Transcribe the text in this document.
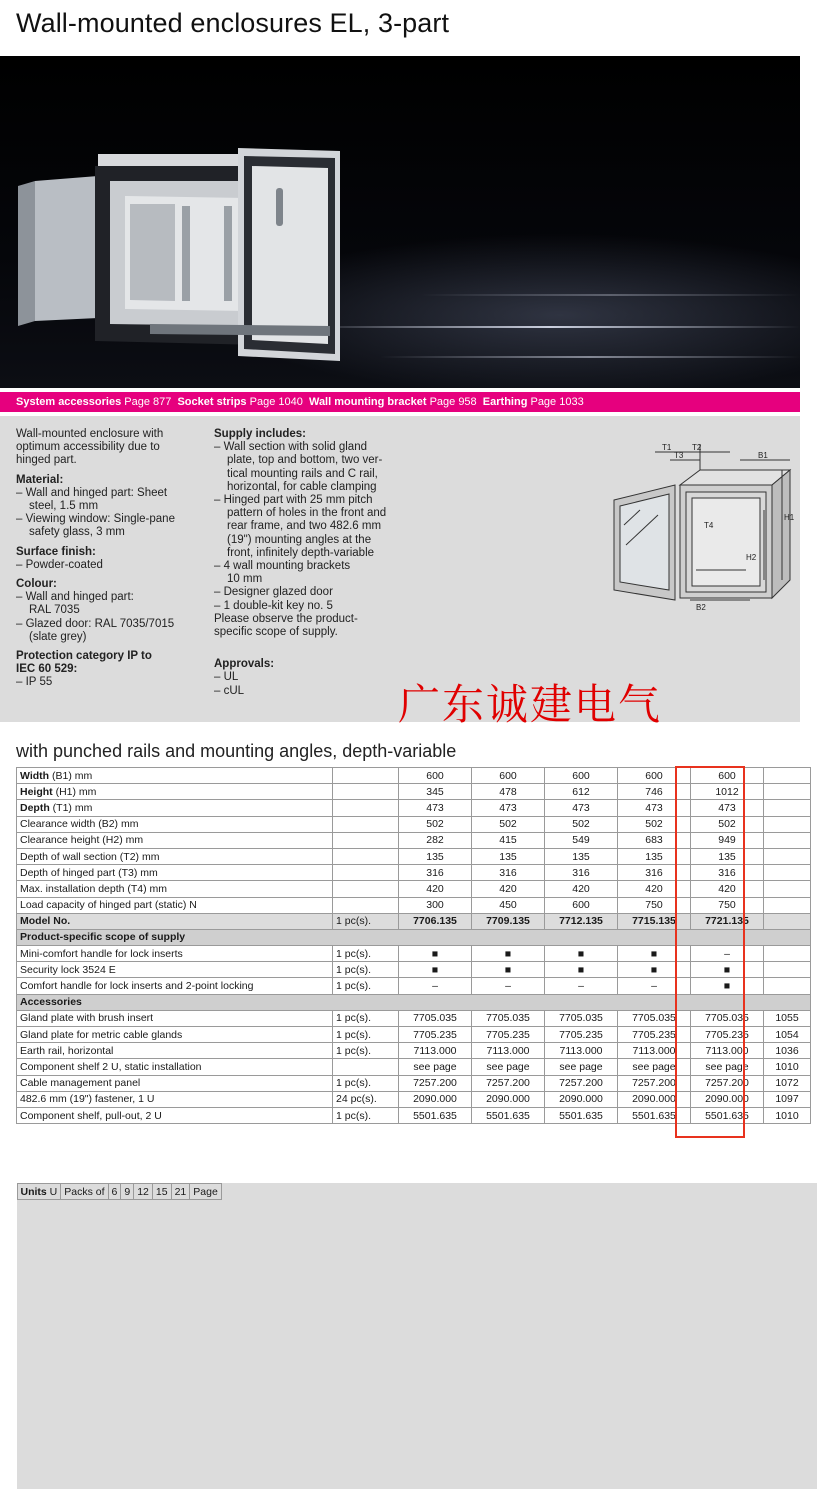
Wall-mounted enclosures EL, 3-part
System accessories Page 877 Socket strips Page 1040 Wall mounting bracket Page 958 Earthing Page 1033
Wall-mounted enclosure with
optimum accessibility due to
hinged part.
Material:
– Wall and hinged part: Sheet
steel, 1.5 mm
– Viewing window: Single-pane
safety glass, 3 mm
Surface finish:
– Powder-coated
Colour:
– Wall and hinged part:
RAL 7035
– Glazed door: RAL 7035/7015
(slate grey)
Protection category IP to
IEC 60 529:
– IP 55
Supply includes:
– Wall section with solid gland
plate, top and bottom, two ver-
tical mounting rails and C rail,
horizontal, for cable clamping
– Hinged part with 25 mm pitch
pattern of holes in the front and
rear frame, and two 482.6 mm
(19") mounting angles at the
front, infinitely depth-variable
– 4 wall mounting brackets
10 mm
– Designer glazed door
– 1 double-kit key no. 5
Please observe the product-
specific scope of supply.
Approvals:
– UL
– cUL
T1	T2
T3
T4
B1
B2
H1
H2
广东诚建电气
with punched rails and mounting angles, depth-variable
Units U	Packs of	6	9	12	15	21	Page
Width (B1) mm		600	600	600	600	600	
Height (H1) mm		345	478	612	746	1012	
Depth (T1) mm		473	473	473	473	473	
Clearance width (B2) mm		502	502	502	502	502	
Clearance height (H2) mm		282	415	549	683	949	
Depth of wall section (T2) mm		135	135	135	135	135	
Depth of hinged part (T3) mm		316	316	316	316	316	
Max. installation depth (T4) mm		420	420	420	420	420	
Load capacity of hinged part (static) N		300	450	600	750	750	
Model No.	1 pc(s).	7706.135	7709.135	7712.135	7715.135	7721.135	
Product-specific scope of supply
Mini-comfort handle for lock inserts	1 pc(s).	■	■	■	■	–	
Security lock 3524 E	1 pc(s).	■	■	■	■	■	
Comfort handle for lock inserts and 2-point locking	1 pc(s).	–	–	–	–	■	
Accessories
Gland plate with brush insert	1 pc(s).	7705.035	7705.035	7705.035	7705.035	7705.035	1055
Gland plate for metric cable glands	1 pc(s).	7705.235	7705.235	7705.235	7705.235	7705.235	1054
Earth rail, horizontal	1 pc(s).	7113.000	7113.000	7113.000	7113.000	7113.000	1036
Component shelf 2 U, static installation		see page	see page	see page	see page	see page	1010
Cable management panel	1 pc(s).	7257.200	7257.200	7257.200	7257.200	7257.200	1072
482.6 mm (19") fastener, 1 U	24 pc(s).	2090.000	2090.000	2090.000	2090.000	2090.000	1097
Component shelf, pull-out, 2 U	1 pc(s).	5501.635	5501.635	5501.635	5501.635	5501.635	1010
